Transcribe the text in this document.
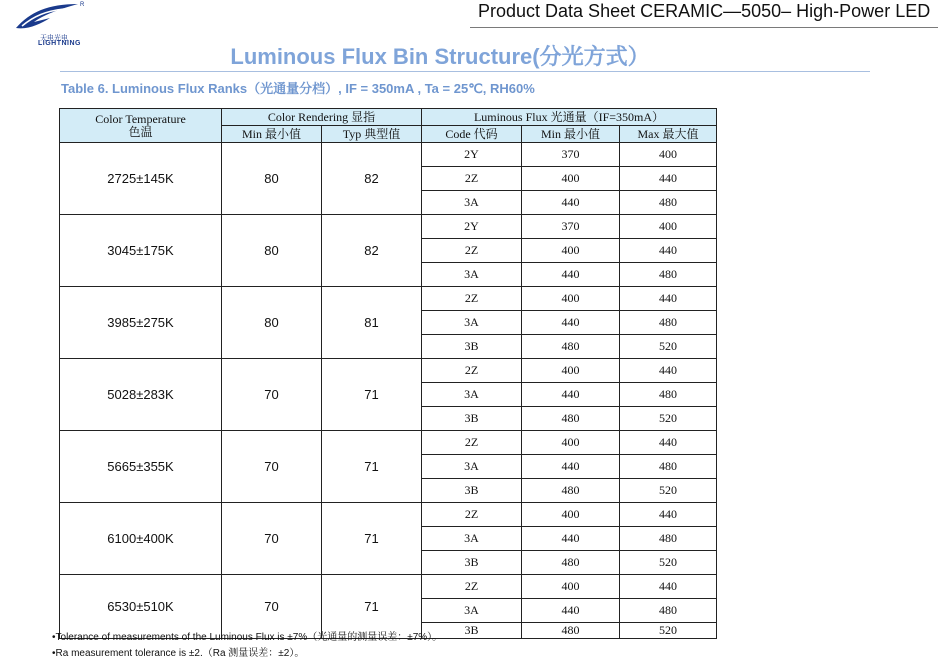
R
天电光电
LIGHTNING
Product Data Sheet CERAMIC—5050– High-Power LED
Luminous Flux Bin Structure(分光方式）
Table 6. Luminous Flux Ranks（光通量分档）, IF = 350mA , Ta = 25℃, RH60%
Color Temperature
色温	Color Rendering 显指		Luminous Flux 光通量（IF=350mA）		
	Min 最小值	Typ 典型值	Code 代码	Min 最小值	Max 最大值
2725±145K	80	82	2Y	370	400
			2Z	400	440
			3A	440	480
3045±175K	80	82	2Y	370	400
			2Z	400	440
			3A	440	480
3985±275K	80	81	2Z	400	440
			3A	440	480
			3B	480	520
5028±283K	70	71	2Z	400	440
			3A	440	480
			3B	480	520
5665±355K	70	71	2Z	400	440
			3A	440	480
			3B	480	520
6100±400K	70	71	2Z	400	440
			3A	440	480
			3B	480	520
6530±510K	70	71	2Z	400	440
			3A	440	480
			3B	480	520
•Tolerance of measurements of the Luminous Flux is ±7%（光通量的测量误差：±7%）。
•Ra measurement tolerance is ±2.（Ra 测量误差：±2）。
